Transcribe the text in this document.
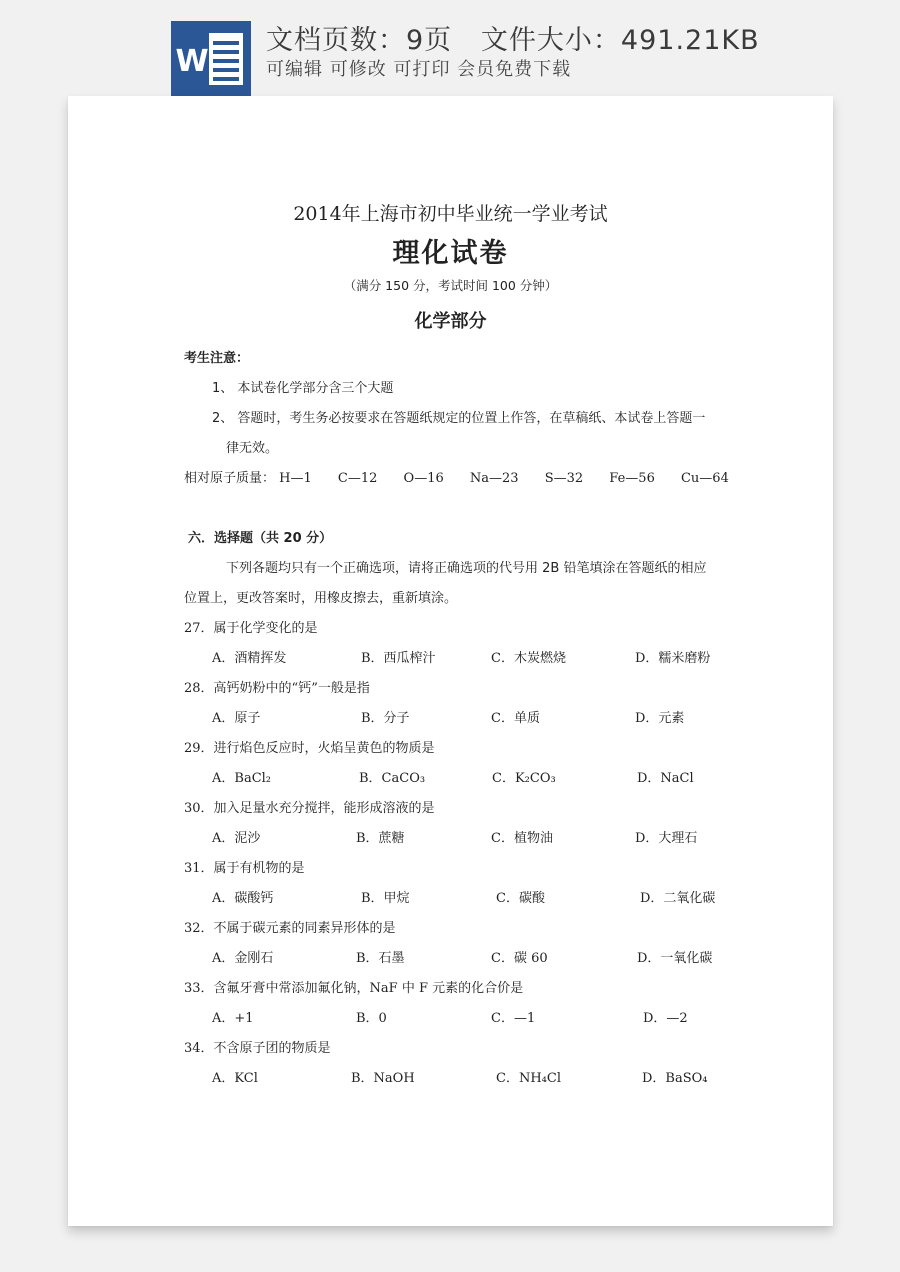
W
文档页数：9页   文件大小：491.21KB
可编辑 可修改 可打印 会员免费下载
2014年上海市初中毕业统一学业考试
理化试卷
（满分 150 分，考试时间 100 分钟）
化学部分
考生注意：
1、 本试卷化学部分含三个大题
2、 答题时，考生务必按要求在答题纸规定的位置上作答，在草稿纸、本试卷上答题一
律无效。
相对原子质量： H—1 C—12 O—16 Na—23 S—32 Fe—56 Cu—64
六．选择题（共 20 分）
下列各题均只有一个正确选项，请将正确选项的代号用 2B 铅笔填涂在答题纸的相应
位置上，更改答案时，用橡皮擦去，重新填涂。
27．属于化学变化的是
A．酒精挥发	B．西瓜榨汁	C．木炭燃烧	D．糯米磨粉
28．高钙奶粉中的“钙”一般是指
A．原子	B．分子	C．单质	D．元素
29．进行焰色反应时，火焰呈黄色的物质是
A．BaCl₂	B．CaCO₃	C．K₂CO₃	D．NaCl
30．加入足量水充分搅拌，能形成溶液的是
A．泥沙	B．蔗糖	C．植物油	D．大理石
31．属于有机物的是
A．碳酸钙	B．甲烷	C．碳酸	D．二氧化碳
32．不属于碳元素的同素异形体的是
A．金刚石	B．石墨	C．碳 60	D．一氧化碳
33．含氟牙膏中常添加氟化钠，NaF 中 F 元素的化合价是
A．+1	B．0	C．—1	D．—2
34．不含原子团的物质是
A．KCl	B．NaOH	C．NH₄Cl	D．BaSO₄
